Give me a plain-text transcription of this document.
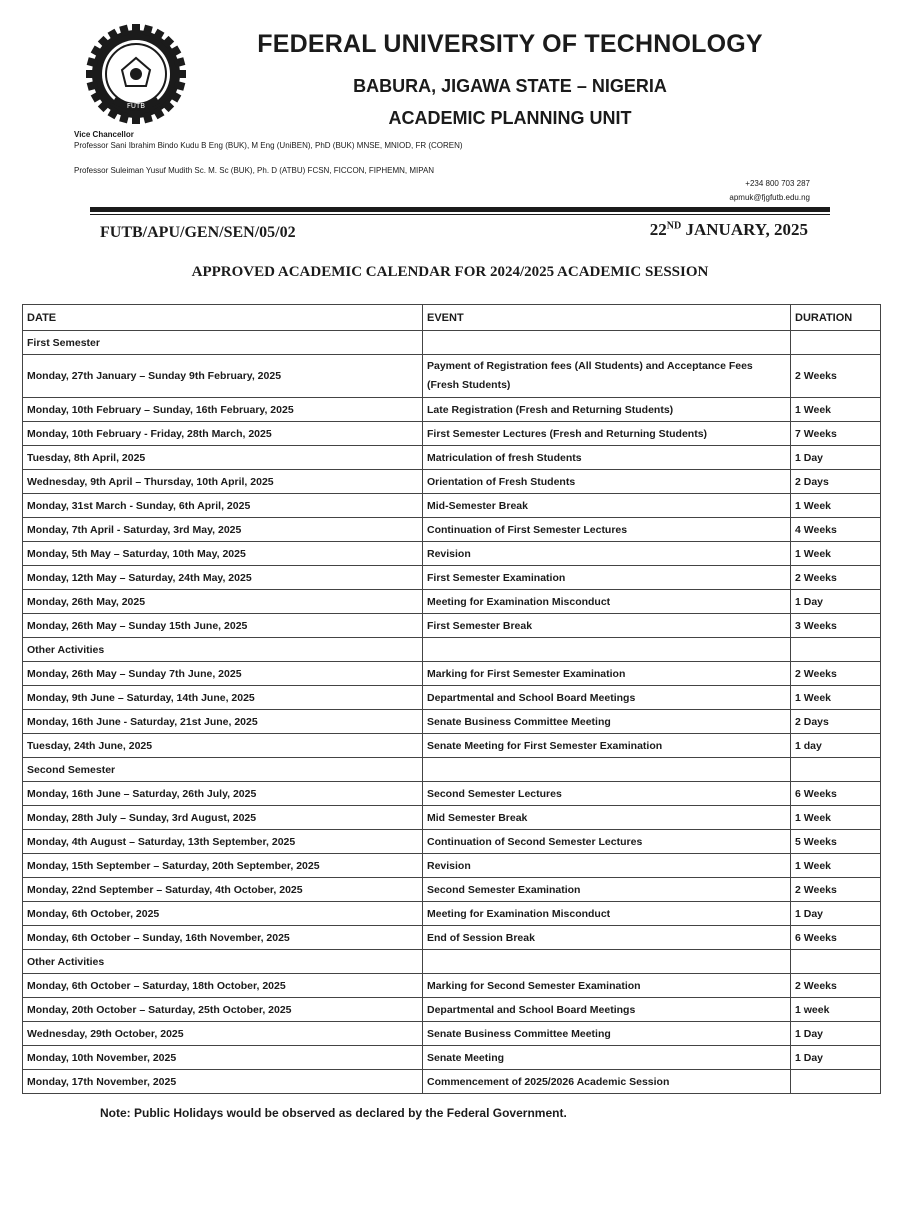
FUTB
FEDERAL UNIVERSITY OF TECHNOLOGY
BABURA, JIGAWA STATE – NIGERIA
ACADEMIC PLANNING UNIT
Vice Chancellor
Professor Sani Ibrahim Bindo Kudu B Eng (BUK), M Eng (UniBEN), PhD (BUK) MNSE, MNIOD, FR (COREN)
Professor Suleiman Yusuf Mudith Sc. M. Sc (BUK), Ph. D (ATBU) FCSN, FICCON, FIPHEMN, MIPAN
+234 800 703 287
apmuk@fjgfutb.edu.ng
FUTB/APU/GEN/SEN/05/02	22ND JANUARY, 2025
APPROVED ACADEMIC CALENDAR FOR 2024/2025 ACADEMIC SESSION
DATE	EVENT	DURATION
First Semester		
Monday, 27th January – Sunday 9th February, 2025	Payment of Registration fees (All Students) and Acceptance Fees (Fresh Students)	2 Weeks
Monday, 10th February – Sunday, 16th February, 2025	Late Registration (Fresh and Returning Students)	1 Week
Monday, 10th February - Friday, 28th March, 2025	First Semester Lectures (Fresh and Returning Students)	7 Weeks
Tuesday, 8th April, 2025	Matriculation of fresh Students	1 Day
Wednesday, 9th April – Thursday, 10th April, 2025	Orientation of Fresh Students	2 Days
Monday, 31st March - Sunday, 6th April, 2025	Mid-Semester Break	1 Week
Monday, 7th April - Saturday, 3rd May, 2025	Continuation of First Semester Lectures	4 Weeks
Monday, 5th May – Saturday, 10th May, 2025	Revision	1 Week
Monday, 12th May – Saturday, 24th May, 2025	First Semester Examination	2 Weeks
Monday, 26th May, 2025	Meeting for Examination Misconduct	1 Day
Monday, 26th May – Sunday 15th June, 2025	First Semester Break	3 Weeks
Other Activities		
Monday, 26th May – Sunday 7th June, 2025	Marking for First Semester Examination	2 Weeks
Monday, 9th June – Saturday, 14th June, 2025	Departmental and School Board Meetings	1 Week
Monday, 16th June - Saturday, 21st June, 2025	Senate Business Committee Meeting	2 Days
Tuesday, 24th June, 2025	Senate Meeting for First Semester Examination	1 day
Second Semester		
Monday, 16th June – Saturday, 26th July, 2025	Second Semester Lectures	6 Weeks
Monday, 28th July – Sunday, 3rd August, 2025	Mid Semester Break	1 Week
Monday, 4th August – Saturday, 13th September, 2025	Continuation of Second Semester Lectures	5 Weeks
Monday, 15th September – Saturday, 20th September, 2025	Revision	1 Week
Monday, 22nd September – Saturday, 4th October, 2025	Second Semester Examination	2 Weeks
Monday, 6th October, 2025	Meeting for Examination Misconduct	1 Day
Monday, 6th October – Sunday, 16th November, 2025	End of Session Break	6 Weeks
Other Activities		
Monday, 6th October – Saturday, 18th October, 2025	Marking for Second Semester Examination	2 Weeks
Monday, 20th October – Saturday, 25th October, 2025	Departmental and School Board Meetings	1 week
Wednesday, 29th October, 2025	Senate Business Committee Meeting	1 Day
Monday, 10th November, 2025	Senate Meeting	1 Day
Monday, 17th November, 2025	Commencement of 2025/2026 Academic Session	
Note: Public Holidays would be observed as declared by the Federal Government.
